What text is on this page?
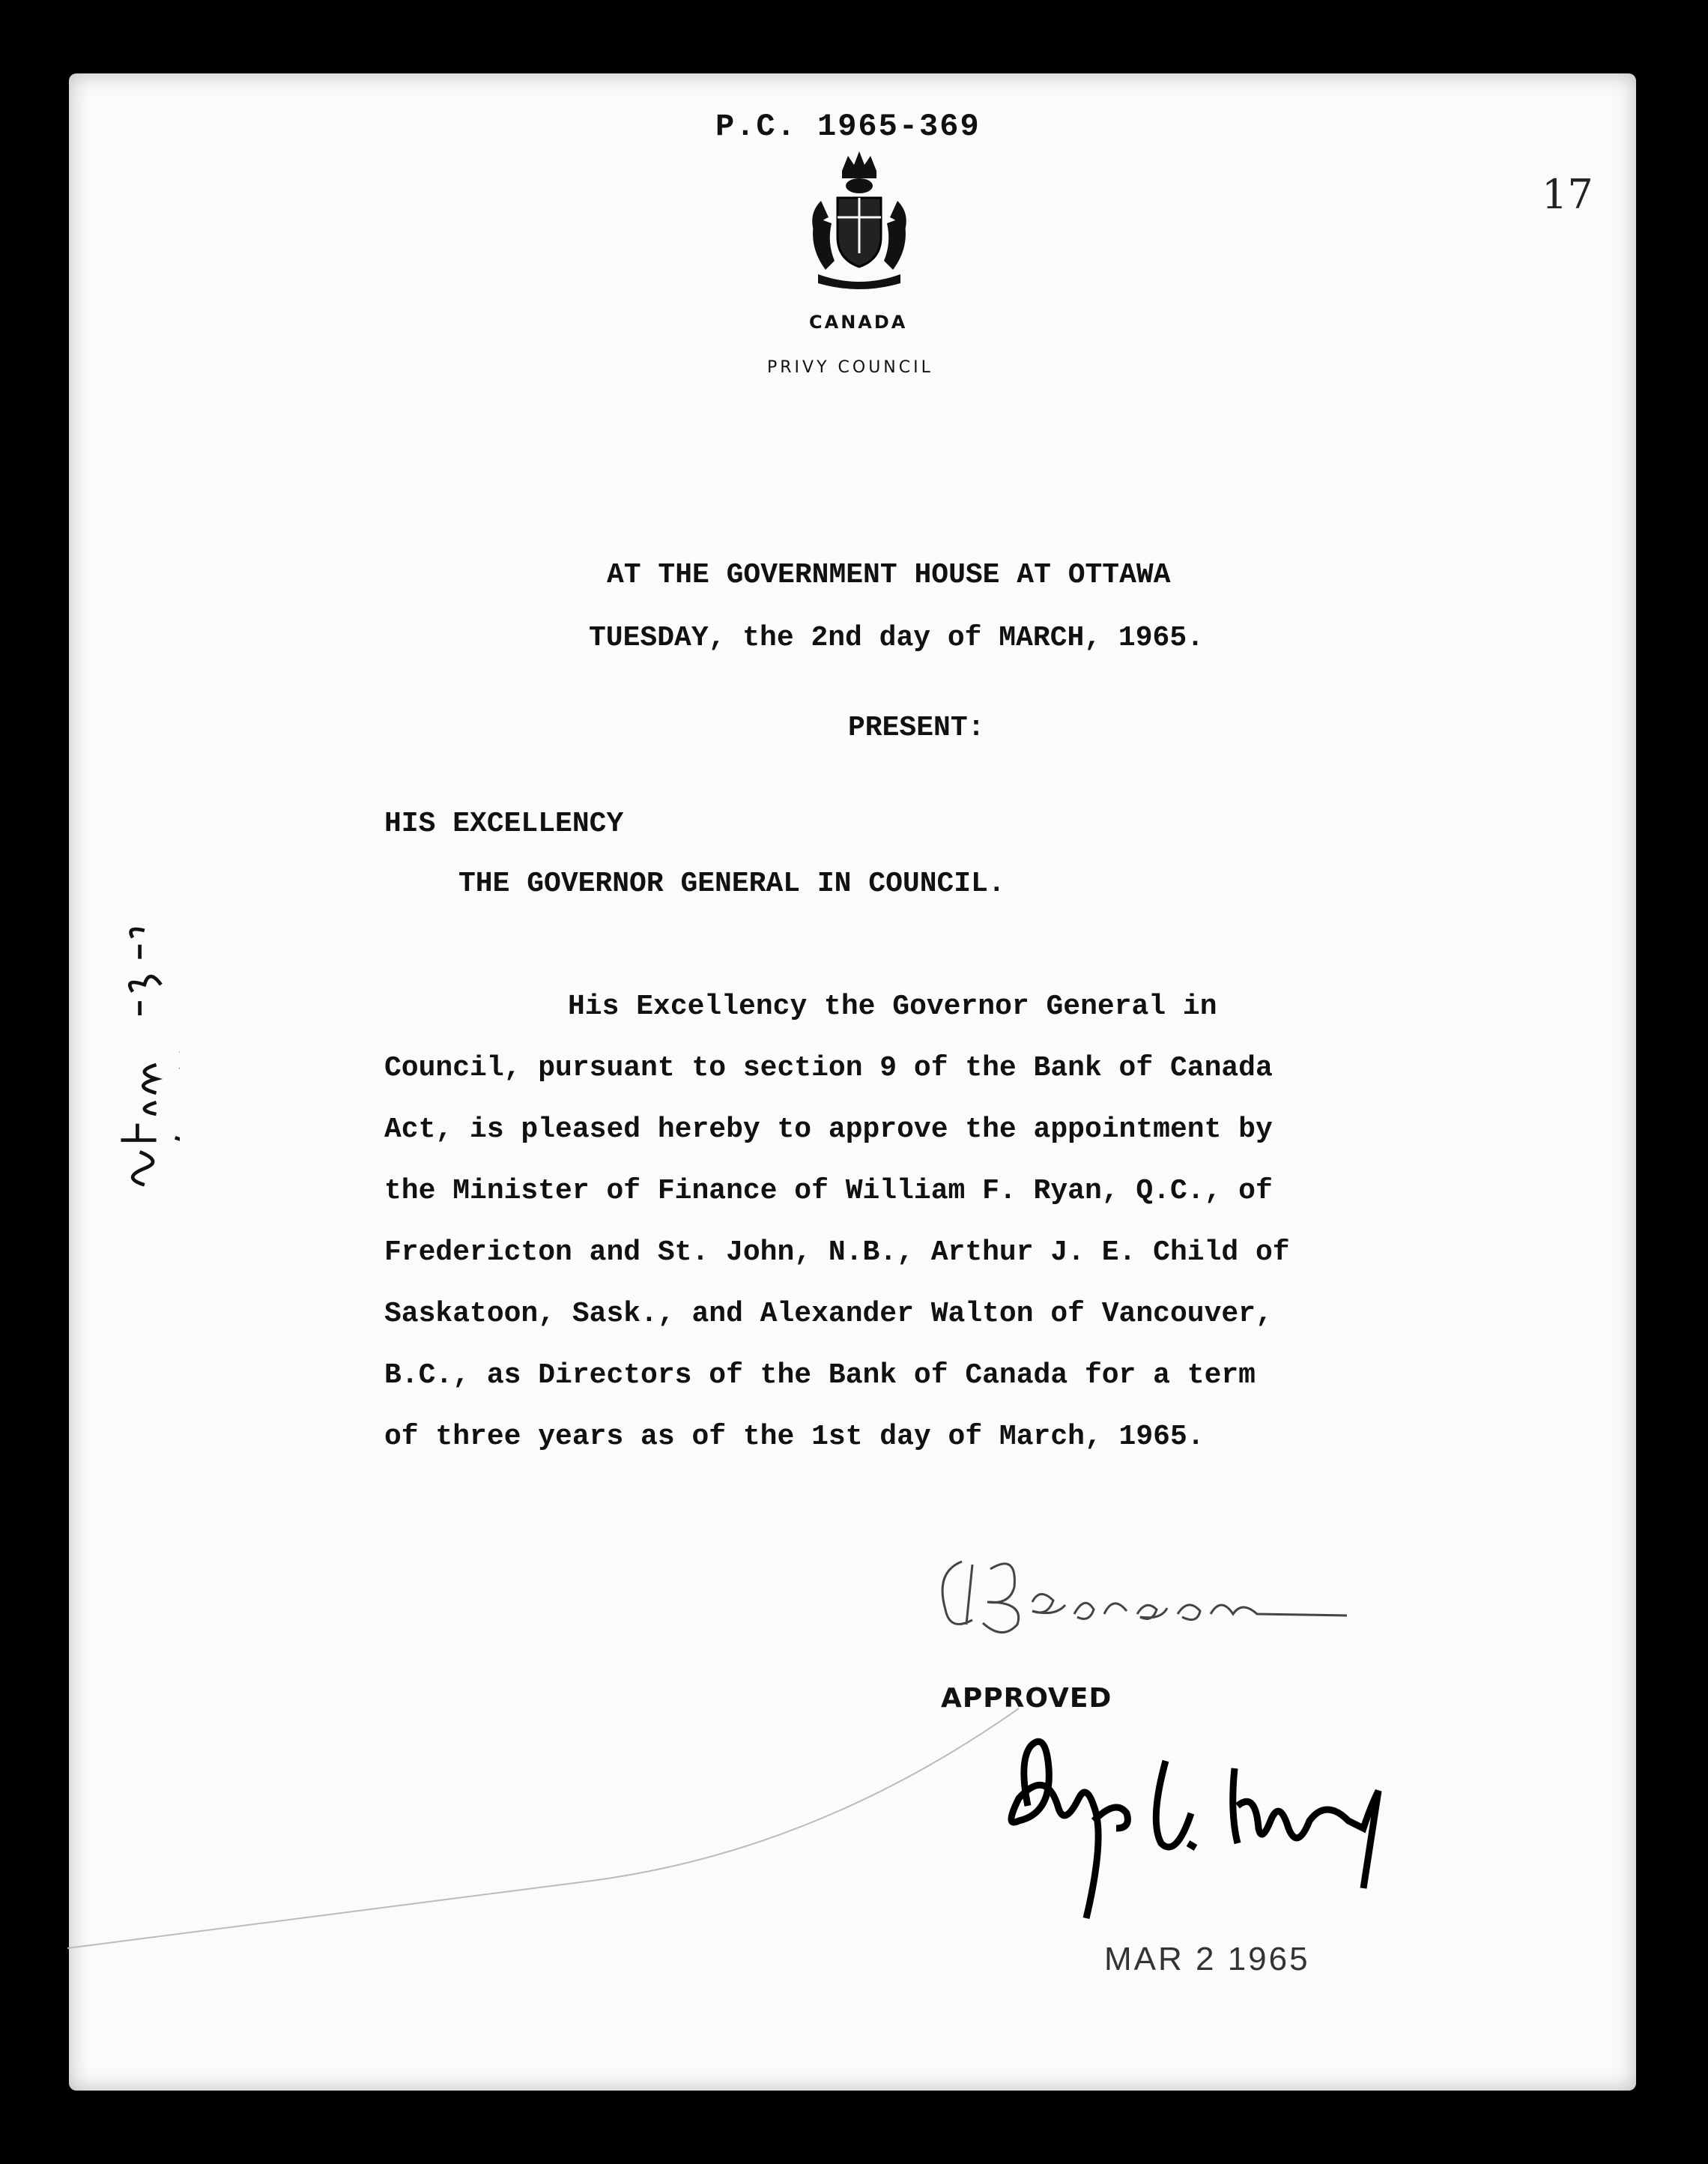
P.C. 1965-369
17
CANADA
PRIVY COUNCIL
AT THE GOVERNMENT HOUSE AT OTTAWA
TUESDAY, the 2nd day of MARCH, 1965.
PRESENT:
HIS EXCELLENCY
THE GOVERNOR GENERAL IN COUNCIL.
His Excellency the Governor General in
Council, pursuant to section 9 of the Bank of Canada
Act, is pleased hereby to approve the appointment by
the Minister of Finance of William F. Ryan, Q.C., of
Fredericton and St. John, N.B., Arthur J. E. Child of
Saskatoon, Sask., and Alexander Walton of Vancouver,
B.C., as Directors of the Bank of Canada for a term
of three years as of the 1st day of March, 1965.
APPROVED
MAR 2 1965
